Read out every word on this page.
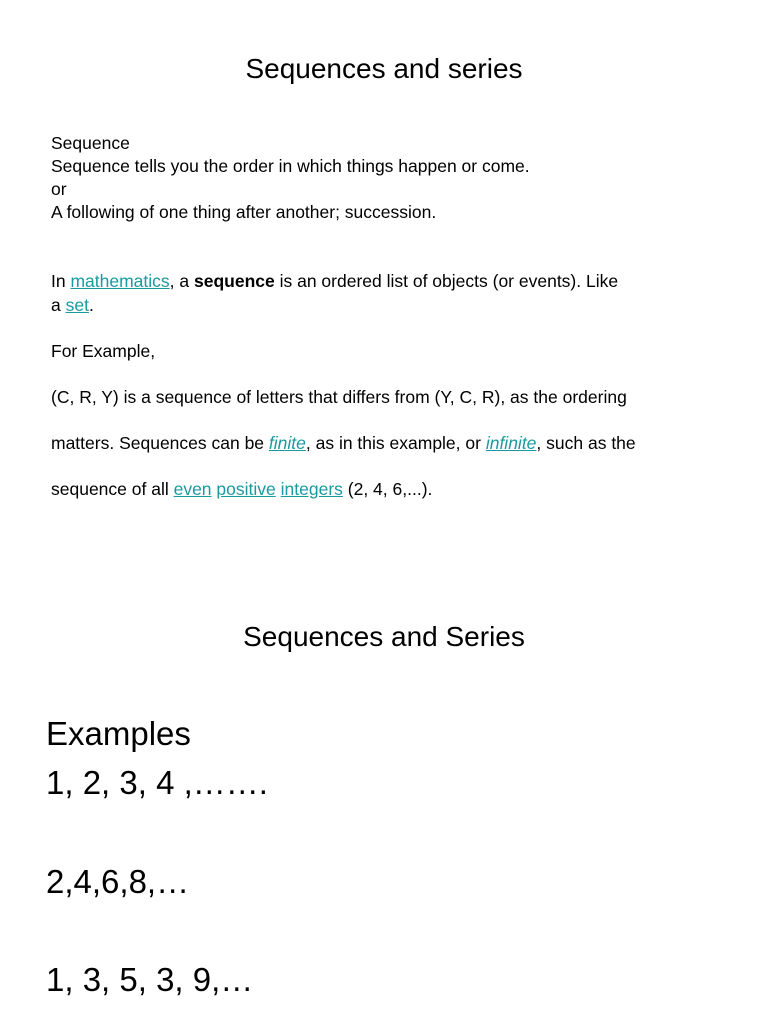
Sequences and series
Sequence
Sequence tells you the order in which things happen or come.
or
A following of one thing after another; succession.
In mathematics, a sequence is an ordered list of objects (or events). Like
a set.
For Example,
(C, R, Y) is a sequence of letters that differs from (Y, C, R), as the ordering
matters. Sequences can be finite, as in this example, or infinite, such as the
sequence of all even positive integers (2, 4, 6,...).
Sequences and Series
Examples
1, 2, 3, 4 ,…….
2,4,6,8,…
1, 3, 5, 3, 9,…
